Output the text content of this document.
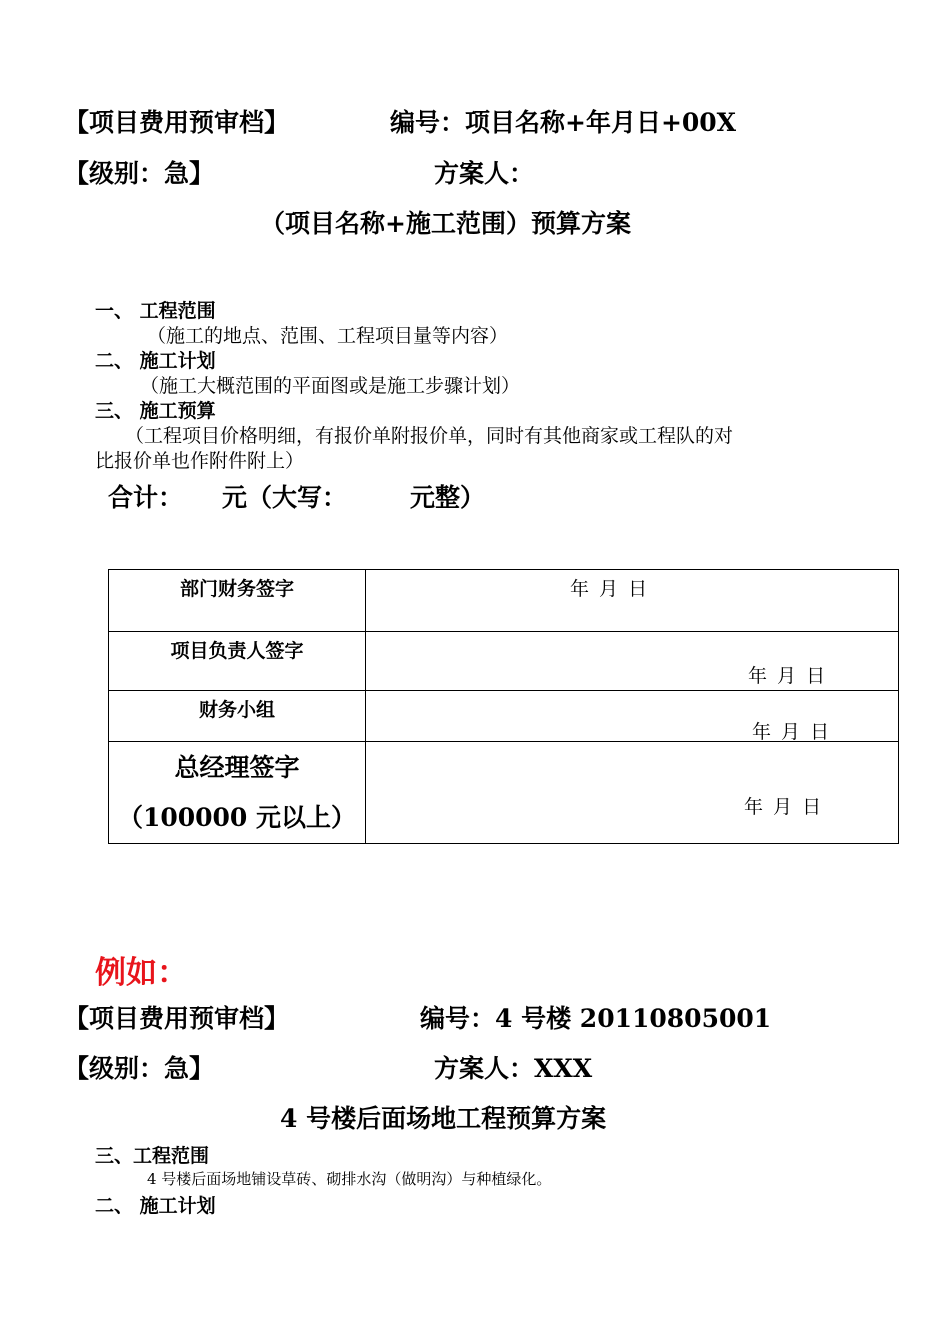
【项目费用预审档】	编号：项目名称+年月日+00X
【级别：急】	方案人：
（项目名称+施工范围）预算方案
一、 工程范围
（施工的地点、范围、工程项目量等内容）
二、 施工计划
（施工大概范围的平面图或是施工步骤计划）
三、 施工预算
（工程项目价格明细，有报价单附报价单，同时有其他商家或工程队的对
比报价单也作附件附上）
合计： 元（大写：	元整）
部门财务签字	年 月 日

项目负责人签字	年 月 日

财务小组	年 月 日

总经理签字
（100000 元以上）	年 月 日
例如：
【项目费用预审档】	编号：4 号楼 20110805001
【级别：急】	方案人：XXX
4 号楼后面场地工程预算方案
三、工程范围
4 号楼后面场地铺设草砖、砌排水沟（做明沟）与种植绿化。
二、 施工计划
